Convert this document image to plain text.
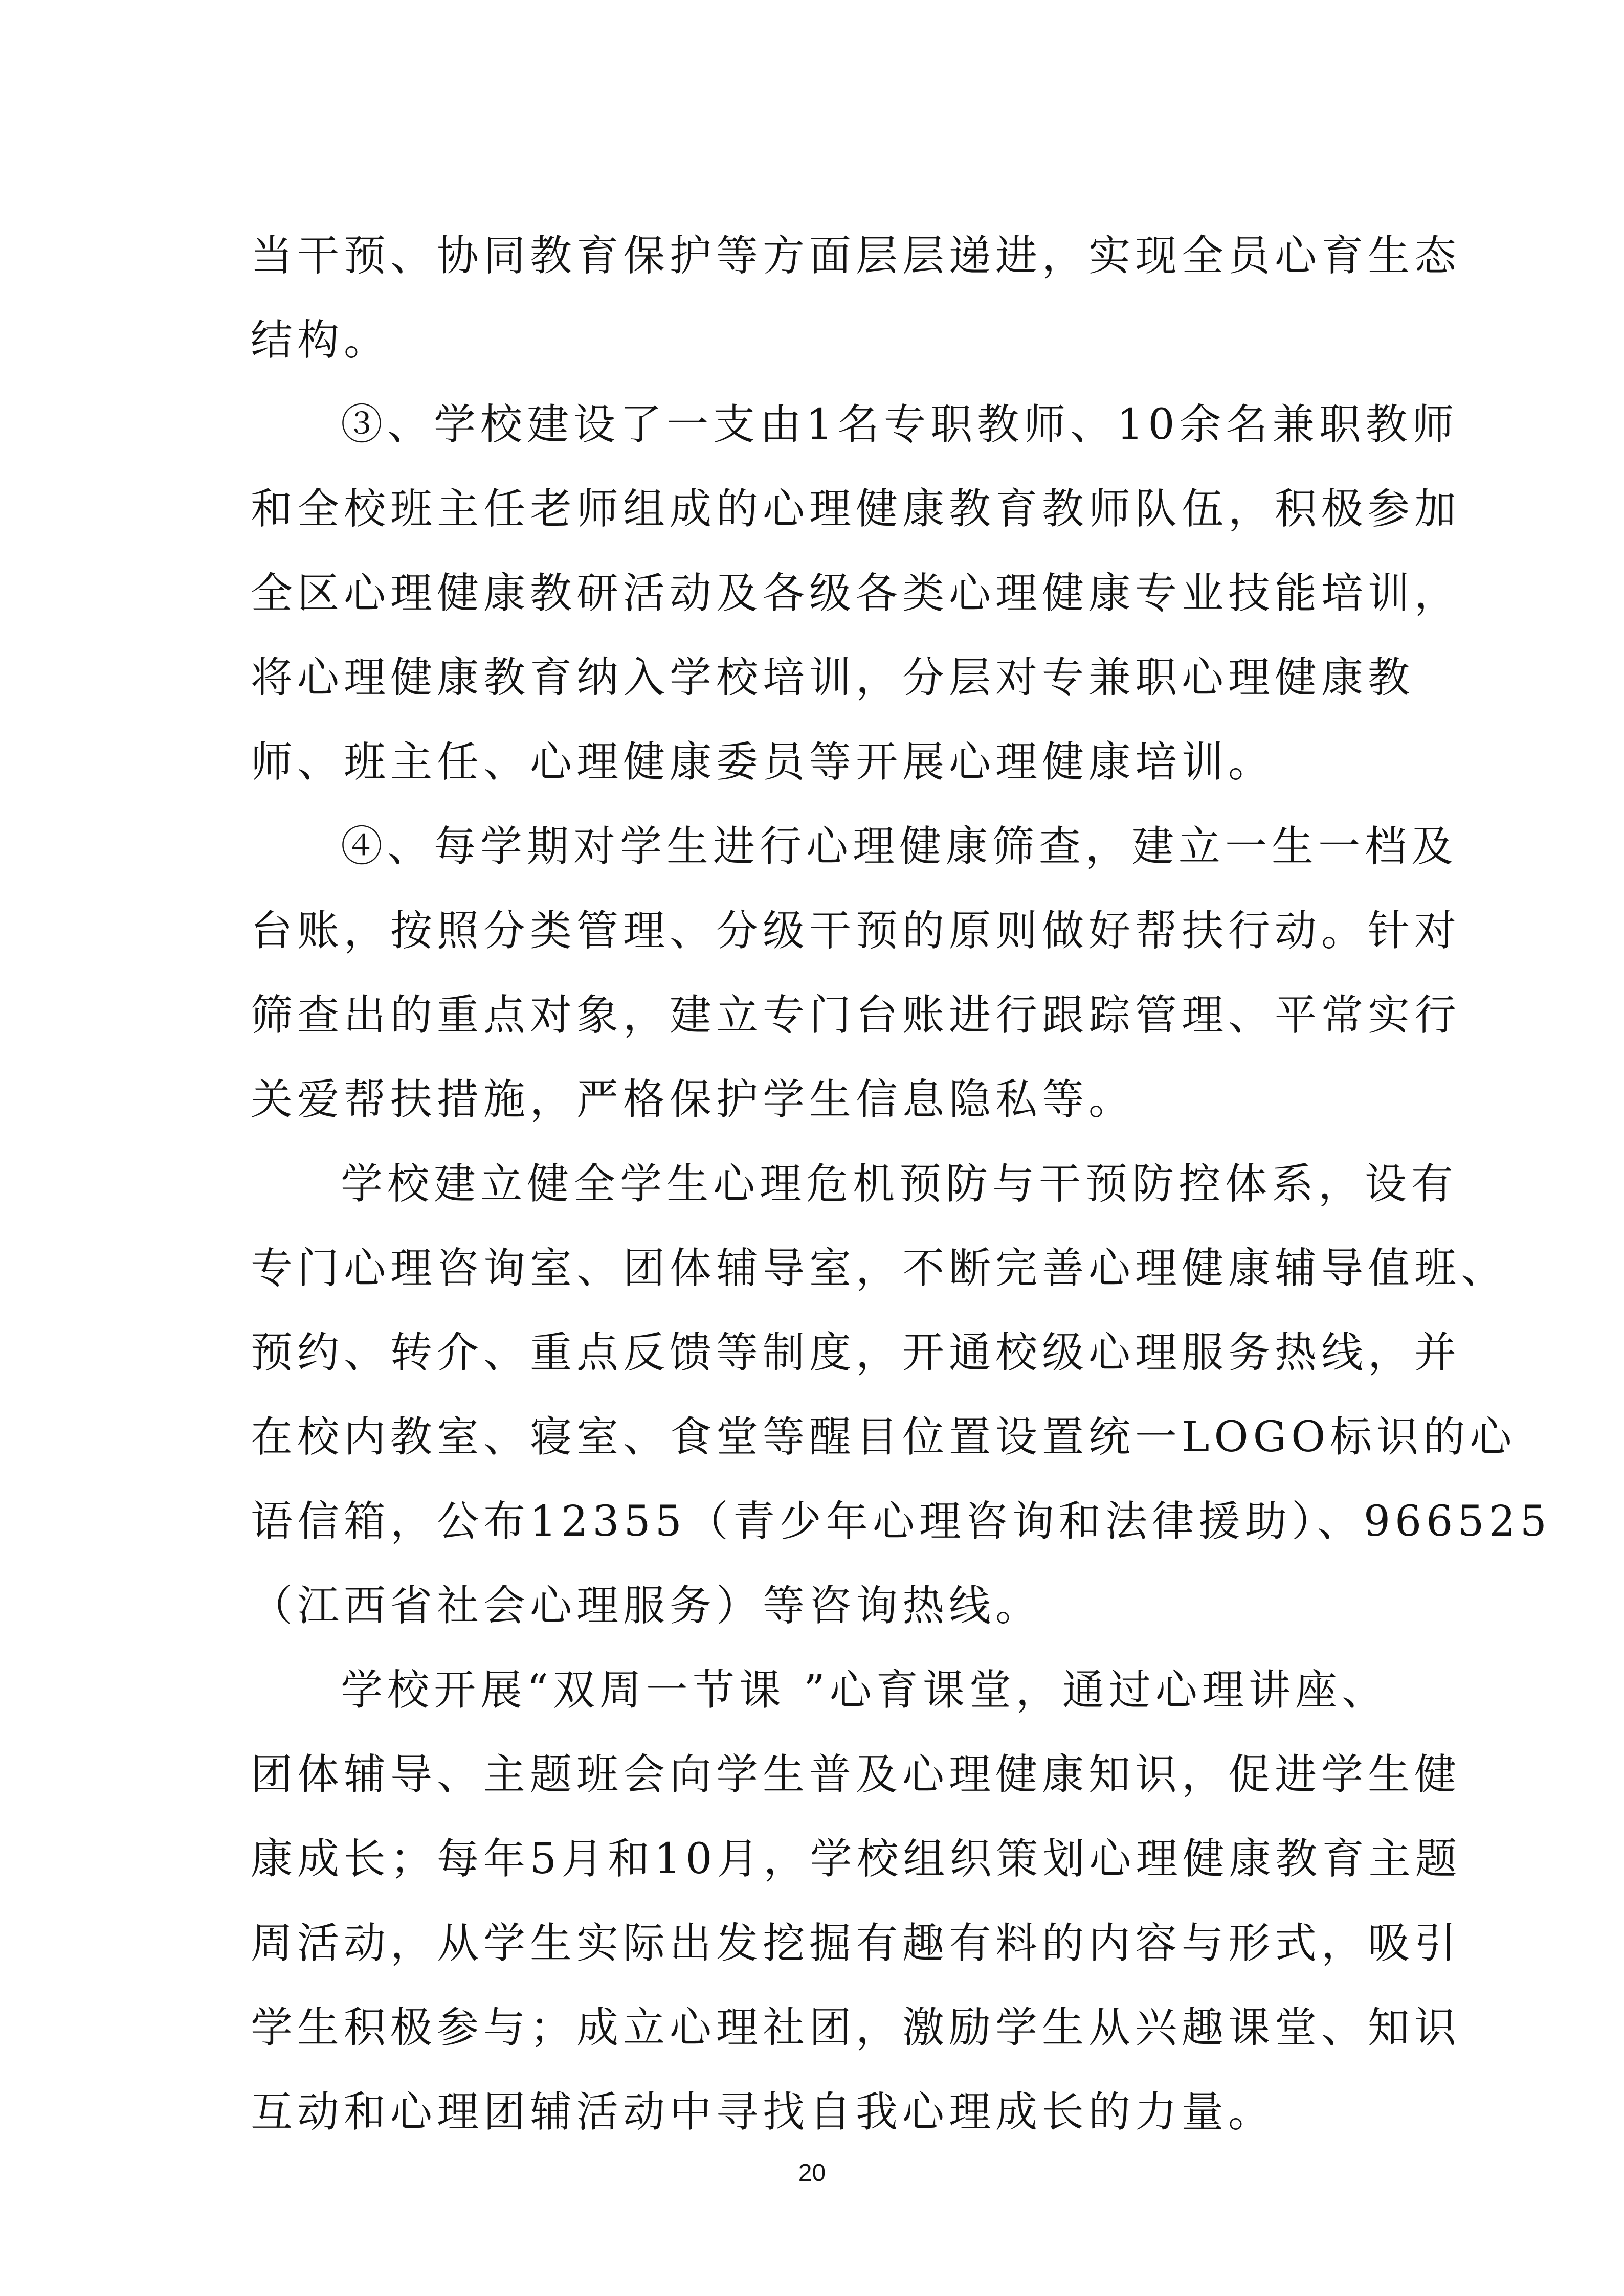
当干预、协同教育保护等方面层层递进，实现全员心育生态
结构。
③、学校建设了一支由1名专职教师、10余名兼职教师
和全校班主任老师组成的心理健康教育教师队伍，积极参加
全区心理健康教研活动及各级各类心理健康专业技能培训，
将心理健康教育纳入学校培训，分层对专兼职心理健康教
师、班主任、心理健康委员等开展心理健康培训。
④、每学期对学生进行心理健康筛查，建立一生一档及
台账，按照分类管理、分级干预的原则做好帮扶行动。针对
筛查出的重点对象，建立专门台账进行跟踪管理、平常实行
关爱帮扶措施，严格保护学生信息隐私等。
学校建立健全学生心理危机预防与干预防控体系，设有
专门心理咨询室、团体辅导室，不断完善心理健康辅导值班、
预约、转介、重点反馈等制度，开通校级心理服务热线，并
在校内教室、寝室、食堂等醒目位置设置统一LOGO标识的心
语信箱，公布12355（青少年心理咨询和法律援助）、966525
（江西省社会心理服务）等咨询热线。
学校开展“双周一节课 ”心育课堂，通过心理讲座、
团体辅导、主题班会向学生普及心理健康知识，促进学生健
康成长；每年5月和10月，学校组织策划心理健康教育主题
周活动，从学生实际出发挖掘有趣有料的内容与形式，吸引
学生积极参与；成立心理社团，激励学生从兴趣课堂、知识
互动和心理团辅活动中寻找自我心理成长的力量。
20
